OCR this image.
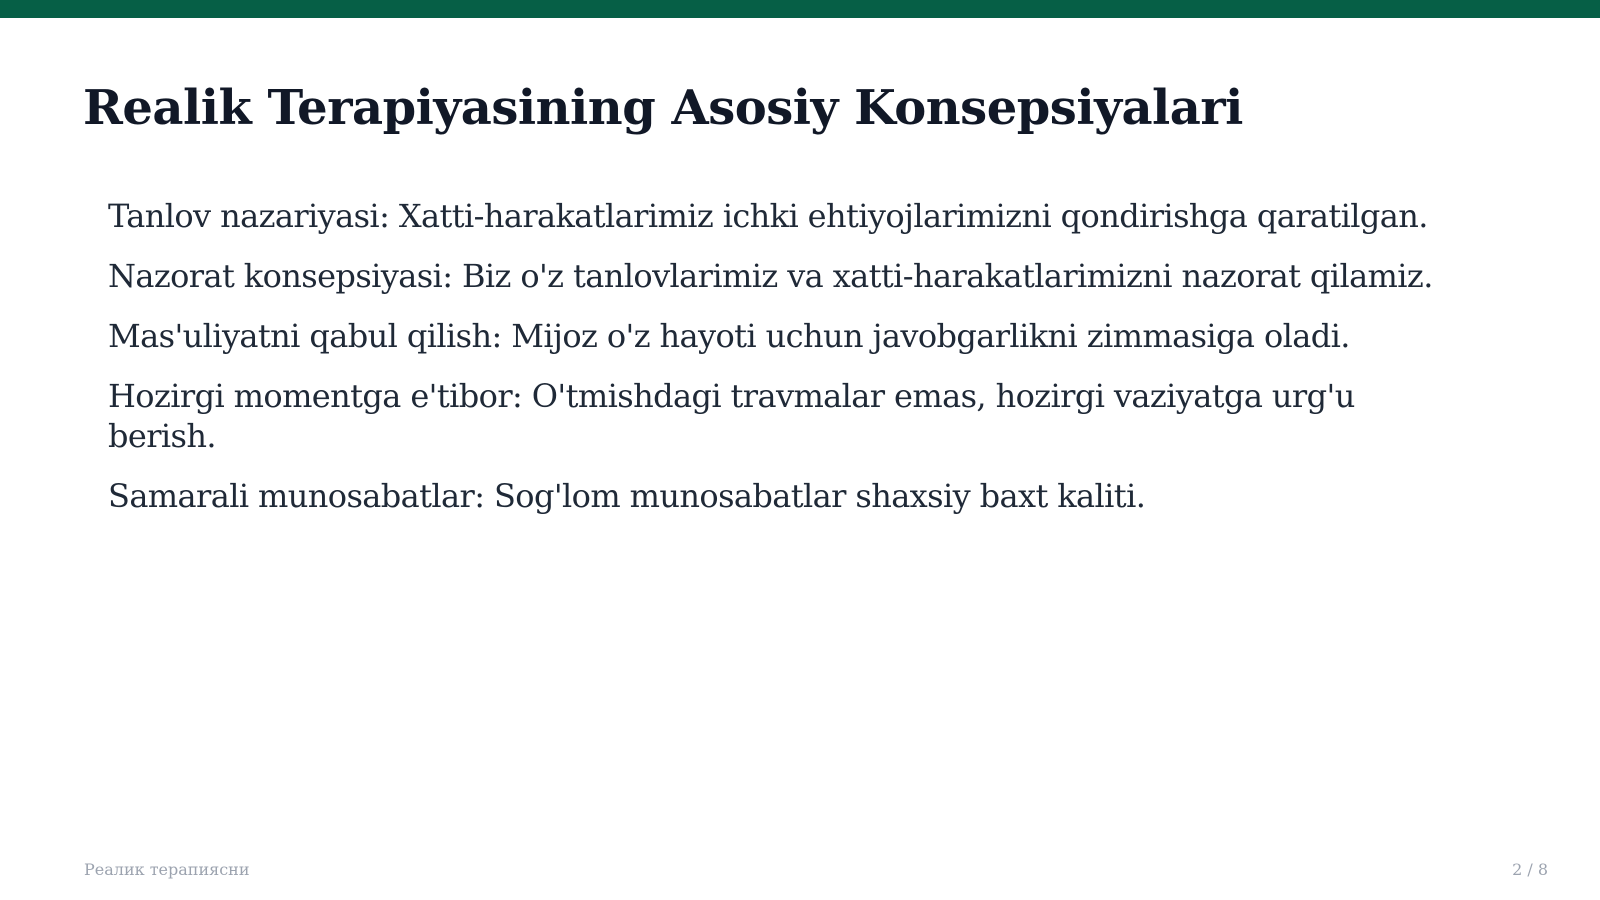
Realik Terapiyasining Asosiy Konsepsiyalari
Tanlov nazariyasi: Xatti-harakatlarimiz ichki ehtiyojlarimizni qondirishga qaratilgan.
Nazorat konsepsiyasi: Biz o'z tanlovlarimiz va xatti-harakatlarimizni nazorat qilamiz.
Mas'uliyatni qabul qilish: Mijoz o'z hayoti uchun javobgarlikni zimmasiga oladi.
Hozirgi momentga e'tibor: O'tmishdagi travmalar emas, hozirgi vaziyatga urg'u berish.
Samarali munosabatlar: Sog'lom munosabatlar shaxsiy baxt kaliti.
Реалик терапиясни	2 / 8
